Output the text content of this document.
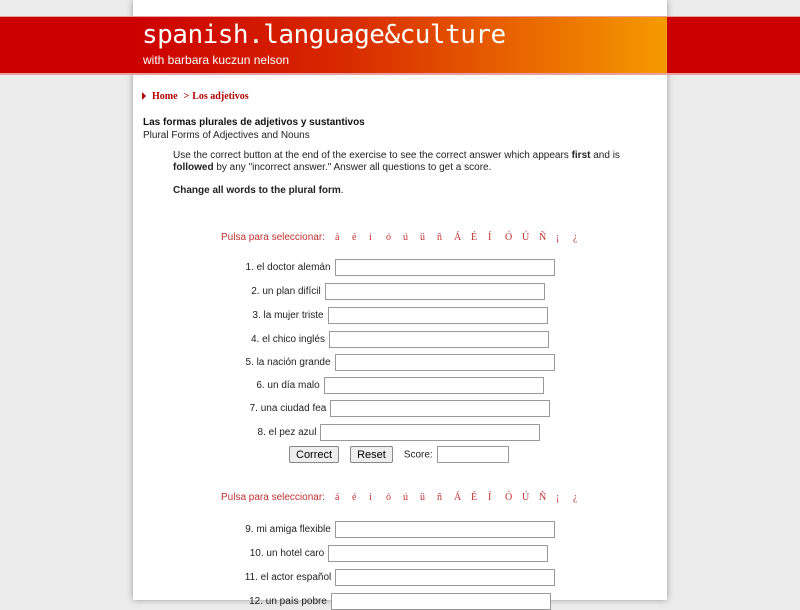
spanish.language&culture
with barbara kuczun nelson
Home > Los adjetivos
Las formas plurales de adjetivos y sustantivos
Plural Forms of Adjectives and Nouns
Use the correct button at the end of the exercise to see the correct answer which appears first and is followed by any "incorrect answer." Answer all questions to get a score.
Change all words to the plural form.
Pulsa para seleccionar: á	é	í	ó	ú	ü	ñ	Á É	Í	Ó Ú Ñ ¡	¿
1. el doctor alemán
2. un plan difícil
3. la mujer triste
4. el chico inglés
5. la nación grande
6. un día malo
7. una ciudad fea
8. el pez azul
Correct Reset Score:
Pulsa para seleccionar: á	é	í	ó	ú	ü	ñ	Á É	Í	Ó Ú Ñ ¡	¿
9. mi amiga flexible
10. un hotel caro
11. el actor español
12. un país pobre
